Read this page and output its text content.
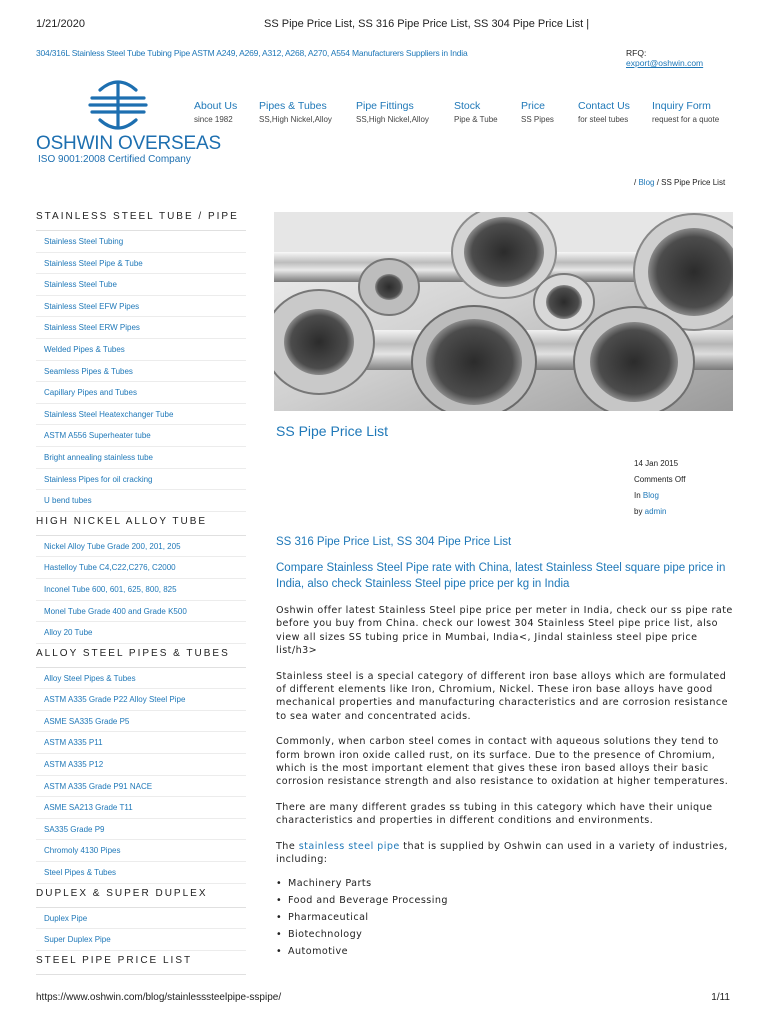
1/21/2020	SS Pipe Price List, SS 316 Pipe Price List, SS 304 Pipe Price List |
304/316L Stainless Steel Tube Tubing Pipe ASTM A249, A269, A312, A268, A270, A554 Manufacturers Suppliers in India	RFQ: export@oshwin.com
OSHWIN OVERSEAS
ISO 9001:2008 Certified Company
About Us
since 1982
Pipes & Tubes
SS,High Nickel,Alloy
Pipe Fittings
SS,High Nickel,Alloy
Stock
Pipe & Tube
Price
SS Pipes
Contact Us
for steel tubes
Inquiry Form
request for a quote
/ Blog / SS Pipe Price List
STAINLESS STEEL TUBE / PIPE
Stainless Steel Tubing
Stainless Steel Pipe & Tube
Stainless Steel Tube
Stainless Steel EFW Pipes
Stainless Steel ERW Pipes
Welded Pipes & Tubes
Seamless Pipes & Tubes
Capillary Pipes and Tubes
Stainless Steel Heatexchanger Tube
ASTM A556 Superheater tube
Bright annealing stainless tube
Stainless Pipes for oil cracking
U bend tubes
HIGH NICKEL ALLOY TUBE
Nickel Alloy Tube Grade 200, 201, 205
Hastelloy Tube C4,C22,C276, C2000
Inconel Tube 600, 601, 625, 800, 825
Monel Tube Grade 400 and Grade K500
Alloy 20 Tube
ALLOY STEEL PIPES & TUBES
Alloy Steel Pipes & Tubes
ASTM A335 Grade P22 Alloy Steel Pipe
ASME SA335 Grade P5
ASTM A335 P11
ASTM A335 P12
ASTM A335 Grade P91 NACE
ASME SA213 Grade T11
SA335 Grade P9
Chromoly 4130 Pipes
Steel Pipes & Tubes
DUPLEX & SUPER DUPLEX
Duplex Pipe
Super Duplex Pipe
STEEL PIPE PRICE LIST
SS Pipe Price List
14 Jan 2015
Comments Off
In Blog
by admin
SS 316 Pipe Price List, SS 304 Pipe Price List
Compare Stainless Steel Pipe rate with China, latest Stainless Steel square pipe price in India, also check Stainless Steel pipe price per kg in India

Oshwin offer latest Stainless Steel pipe price per meter in India, check our ss pipe rate before you buy from China. check our lowest 304 Stainless Steel pipe price list, also view all sizes SS tubing price in Mumbai, India<, Jindal stainless steel pipe price list/h3>

Stainless steel is a special category of different iron base alloys which are formulated of different elements like Iron, Chromium, Nickel. These iron base alloys have good mechanical properties and manufacturing characteristics and are corrosion resistance to sea water and concentrated acids.

Commonly, when carbon steel comes in contact with aqueous solutions they tend to form brown iron oxide called rust, on its surface. Due to the presence of Chromium, which is the most important element that gives these iron based alloys their basic corrosion resistance strength and also resistance to oxidation at higher temperatures.

There are many different grades ss tubing in this category which have their unique characteristics and properties in different conditions and environments.

The stainless steel pipe that is supplied by Oshwin can used in a variety of industries, including:

• Machinery Parts
• Food and Beverage Processing
• Pharmaceutical
• Biotechnology
• Automotive
https://www.oshwin.com/blog/stainlesssteelpipe-sspipe/	1/11
